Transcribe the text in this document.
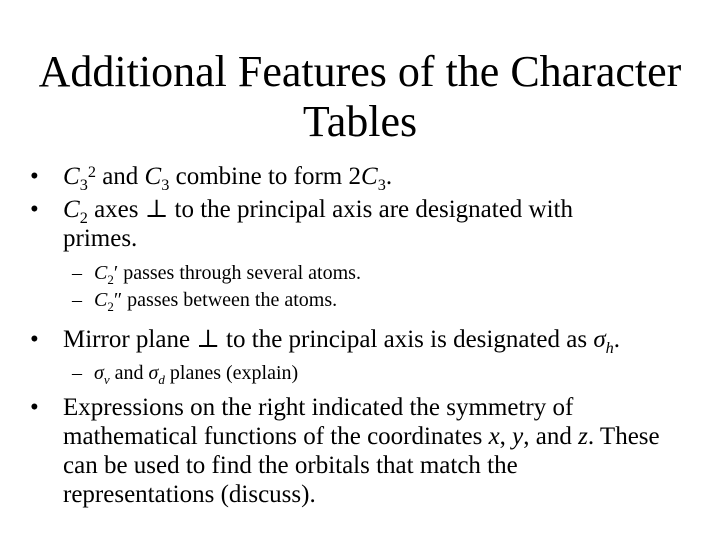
Additional Features of the Character Tables
• $C_3^2$ and $C_3$ combine to form $2C_3$.
• $C_2$ axes ⊥ to the principal axis are designated with primes.
– $C_2'$ passes through several atoms.
– $C_2''$ passes between the atoms.
• Mirror plane ⊥ to the principal axis is designated as $\sigma_h$.
– $\sigma_v$ and $\sigma_d$ planes (explain)
• Expressions on the right indicated the symmetry of mathematical functions of the coordinates x, y, and z. These can be used to find the orbitals that match the representations (discuss).
